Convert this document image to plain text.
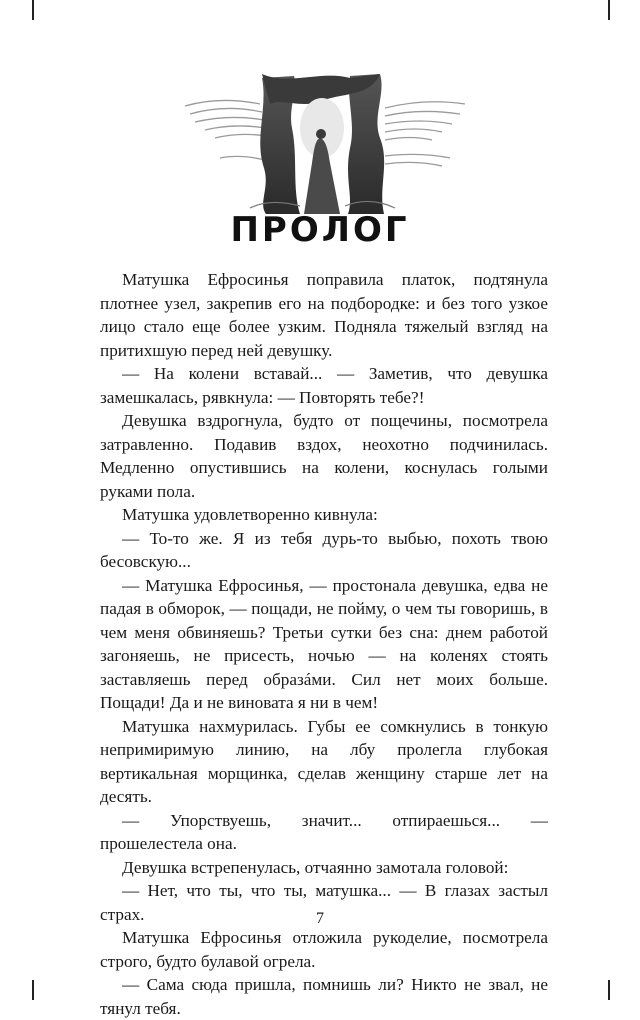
ПРОЛОГ

Матушка Ефросинья поправила платок, подтянула плотнее узел, закрепив его на подбородке: и без того узкое лицо стало еще более узким. Подняла тяжелый взгляд на притихшую перед ней девушку.

— На колени вставай... — Заметив, что девушка замешкалась, рявкнула: — Повторять тебе?!

Девушка вздрогнула, будто от пощечины, посмотрела затравленно. Подавив вздох, неохотно подчинилась. Медленно опустившись на колени, коснулась голыми руками пола.

Матушка удовлетворенно кивнула:

— То-то же. Я из тебя дурь-то выбью, похоть твою бесовскую...

— Матушка Ефросинья, — простонала девушка, едва не падая в обморок, — пощади, не пойму, о чем ты говоришь, в чем меня обвиняешь? Третьи сутки без сна: днем работой загоняешь, не присесть, ночью — на коленях стоять заставляешь перед образáми. Сил нет моих больше. Пощади! Да и не виновата я ни в чем!

Матушка нахмурилась. Губы ее сомкнулись в тонкую непримиримую линию, на лбу пролегла глубокая вертикальная морщинка, сделав женщину старше лет на десять.

— Упорствуешь, значит... отпираешься... — прошелестела она.

Девушка встрепенулась, отчаянно замотала головой:

— Нет, что ты, что ты, матушка... — В глазах застыл страх.

Матушка Ефросинья отложила рукоделие, посмотрела строго, будто булавой огрела.

— Сама сюда пришла, помнишь ли? Никто не звал, не тянул тебя.

7
